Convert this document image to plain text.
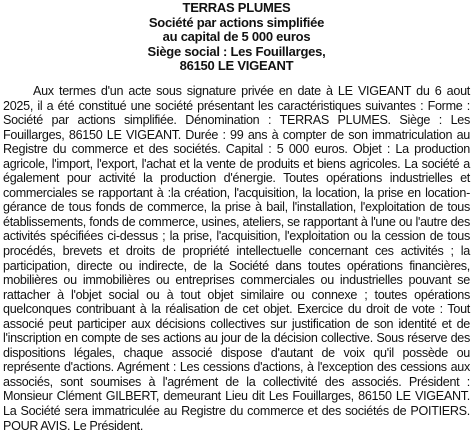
TERRAS PLUMES
Société par actions simplifiée
au capital de 5 000 euros
Siège social : Les Fouillarges,
86150 LE VIGEANT

Aux termes d'un acte sous signature privée en date à LE VIGEANT du 6 aout 2025, il a été constitué une société présentant les caractéristiques suivantes : Forme : Société par actions simplifiée. Dénomination : TERRAS PLUMES. Siège : Les Fouillarges, 86150 LE VIGEANT. Durée : 99 ans à compter de son immatriculation au Registre du commerce et des sociétés. Capital : 5 000 euros. Objet : La production agricole, l'import, l'export, l'achat et la vente de produits et biens agricoles. La société a également pour activité la production d'énergie. Toutes opérations industrielles et commerciales se rapportant à :la création, l'acquisition, la location, la prise en location-gérance de tous fonds de commerce, la prise à bail, l'installation, l'exploitation de tous établissements, fonds de commerce, usines, ateliers, se rapportant à l'une ou l'autre des activités spécifiées ci-dessus ; la prise, l'acquisition, l'exploitation ou la cession de tous procédés, brevets et droits de propriété intellectuelle concernant ces activités ; la participation, directe ou indirecte, de la Société dans toutes opérations financières, mobilières ou immobilières ou entreprises commerciales ou industrielles pouvant se rattacher à l'objet social ou à tout objet similaire ou connexe ; toutes opérations quelconques contribuant à la réalisation de cet objet. Exercice du droit de vote : Tout associé peut participer aux décisions collectives sur justification de son identité et de l'inscription en compte de ses actions au jour de la décision collective. Sous réserve des dispositions légales, chaque associé dispose d'autant de voix qu'il possède ou représente d'actions. Agrément : Les cessions d'actions, à l'exception des cessions aux associés, sont soumises à l'agrément de la collectivité des associés. Président : Monsieur Clément GILBERT, demeurant Lieu dit Les Fouillarges, 86150 LE VIGEANT. La Société sera immatriculée au Registre du commerce et des sociétés de POITIERS. POUR AVIS. Le Président.
